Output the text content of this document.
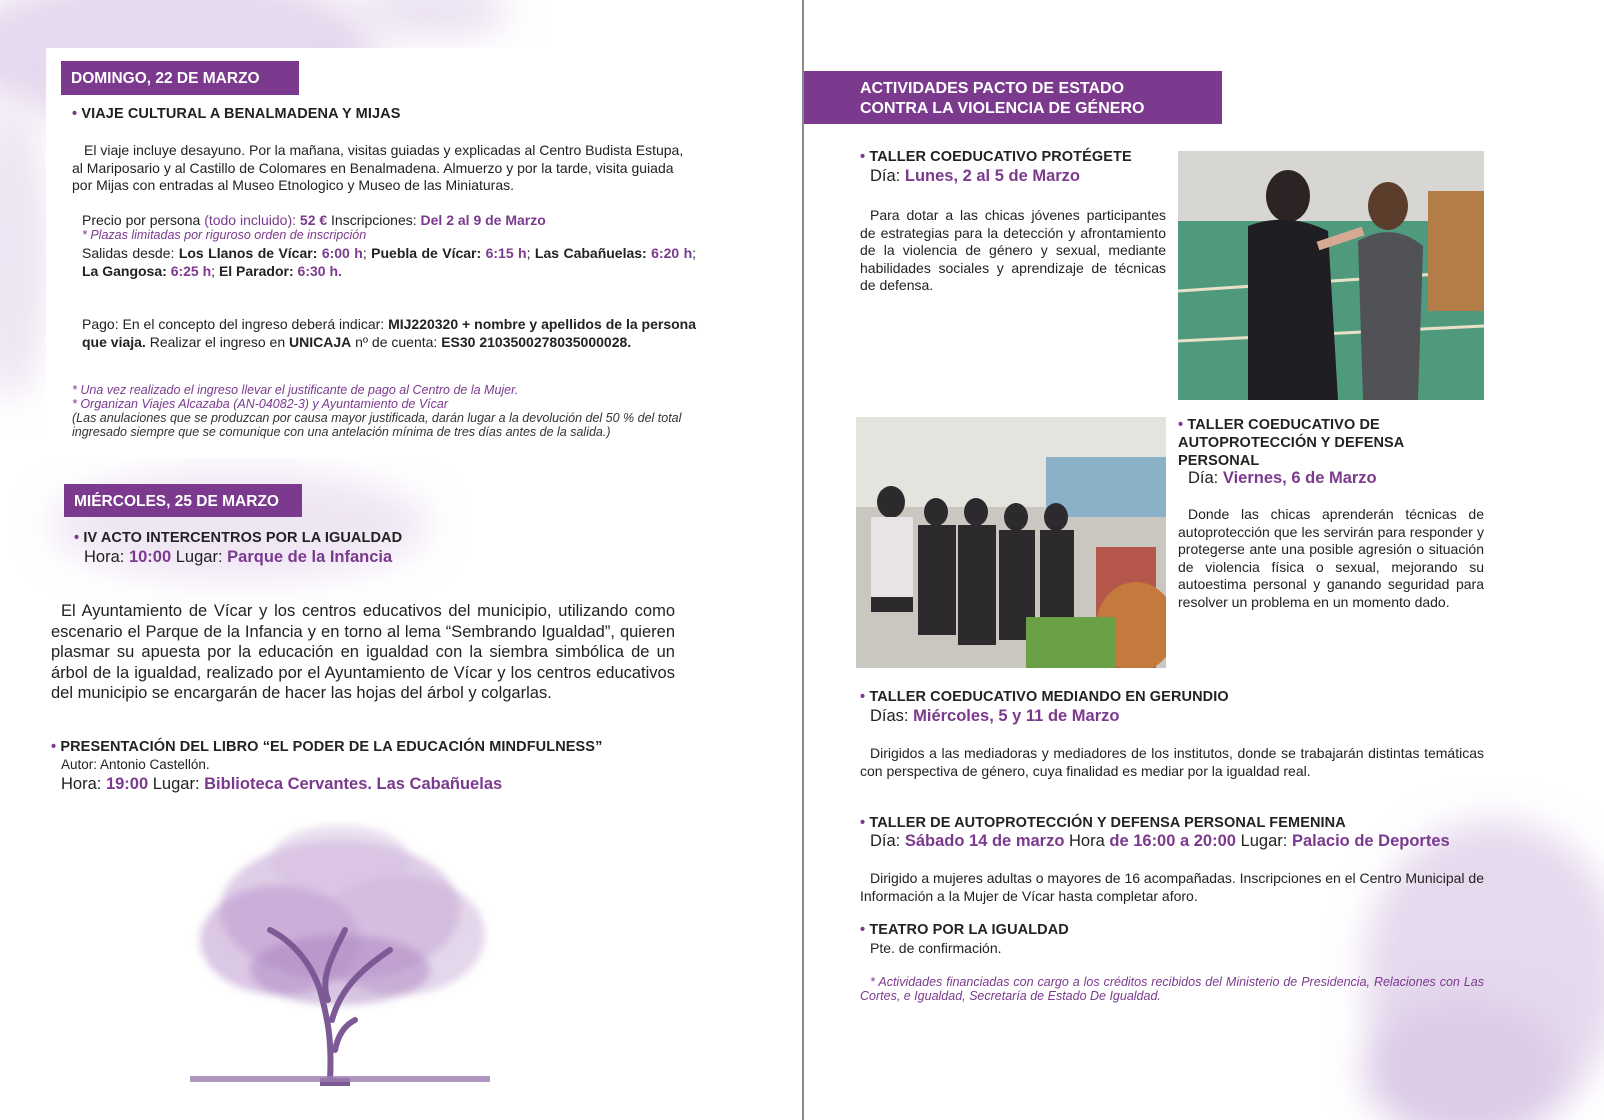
DOMINGO, 22 DE MARZO
• VIAJE CULTURAL A BENALMADENA Y MIJAS
El viaje incluye desayuno. Por la mañana, visitas guiadas y explicadas al Centro Budista Estupa, al Mariposario y al Castillo de Colomares en Benalmadena. Almuerzo y por la tarde, visita guiada por Mijas con entradas al Museo Etnologico y Museo de las Miniaturas.
Precio por persona (todo incluido): 52 € Inscripciones: Del 2 al 9 de Marzo
* Plazas limitadas por riguroso orden de inscripción
Salidas desde: Los Llanos de Vícar: 6:00 h; Puebla de Vícar: 6:15 h; Las Cabañuelas: 6:20 h; La Gangosa: 6:25 h; El Parador: 6:30 h.
Pago: En el concepto del ingreso deberá indicar: MIJ220320 + nombre y apellidos de la persona que viaja. Realizar el ingreso en UNICAJA nº de cuenta: ES30 2103500278035000028.
* Una vez realizado el ingreso llevar el justificante de pago al Centro de la Mujer.
* Organizan Viajes Alcazaba (AN-04082-3) y Ayuntamiento de Vícar
(Las anulaciones que se produzcan por causa mayor justificada, darán lugar a la devolución del 50 % del total ingresado siempre que se comunique con una antelación mínima de tres días antes de la salida.)
MIÉRCOLES, 25 DE MARZO
• IV ACTO INTERCENTROS POR LA IGUALDAD
Hora: 10:00 Lugar: Parque de la Infancia
El Ayuntamiento de Vícar y los centros educativos del municipio, utilizando como escenario el Parque de la Infancia y en torno al lema “Sembrando Igualdad”, quieren plasmar su apuesta por la educación en igualdad con la siembra simbólica de un árbol de la igualdad, realizado por el Ayuntamiento de Vícar y los centros educativos del municipio se encargarán de hacer las hojas del árbol y colgarlas.
• PRESENTACIÓN DEL LIBRO “EL PODER DE LA EDUCACIÓN MINDFULNESS”
Autor: Antonio Castellón.
Hora: 19:00 Lugar: Biblioteca Cervantes. Las Cabañuelas
ACTIVIDADES PACTO DE ESTADO
CONTRA LA VIOLENCIA DE GÉNERO
• TALLER COEDUCATIVO PROTÉGETE
Día: Lunes, 2 al 5 de Marzo
Para dotar a las chicas jóvenes participantes de estrategias para la detección y afrontamiento de la violencia de género y sexual, mediante habilidades sociales y aprendizaje de técnicas de defensa.
• TALLER COEDUCATIVO DE AUTOPROTECCIÓN Y DEFENSA PERSONAL
Día: Viernes, 6 de Marzo
Donde las chicas aprenderán técnicas de autoprotección que les servirán para responder y protegerse ante una posible agresión o situación de violencia física o sexual, mejorando su autoestima personal y ganando seguridad para resolver un problema en un momento dado.
• TALLER COEDUCATIVO MEDIANDO EN GERUNDIO
Días: Miércoles, 5 y 11 de Marzo
Dirigidos a las mediadoras y mediadores de los institutos, donde se trabajarán distintas temáticas con perspectiva de género, cuya finalidad es mediar por la igualdad real.
• TALLER DE AUTOPROTECCIÓN Y DEFENSA PERSONAL FEMENINA
Día: Sábado 14 de marzo Hora de 16:00 a 20:00 Lugar: Palacio de Deportes
Dirigido a mujeres adultas o mayores de 16 acompañadas. Inscripciones en el Centro Municipal de Información a la Mujer de Vícar hasta completar aforo.
• TEATRO POR LA IGUALDAD
Pte. de confirmación.
* Actividades financiadas con cargo a los créditos recibidos del Ministerio de Presidencia, Relaciones con Las Cortes, e Igualdad, Secretaría de Estado De Igualdad.
